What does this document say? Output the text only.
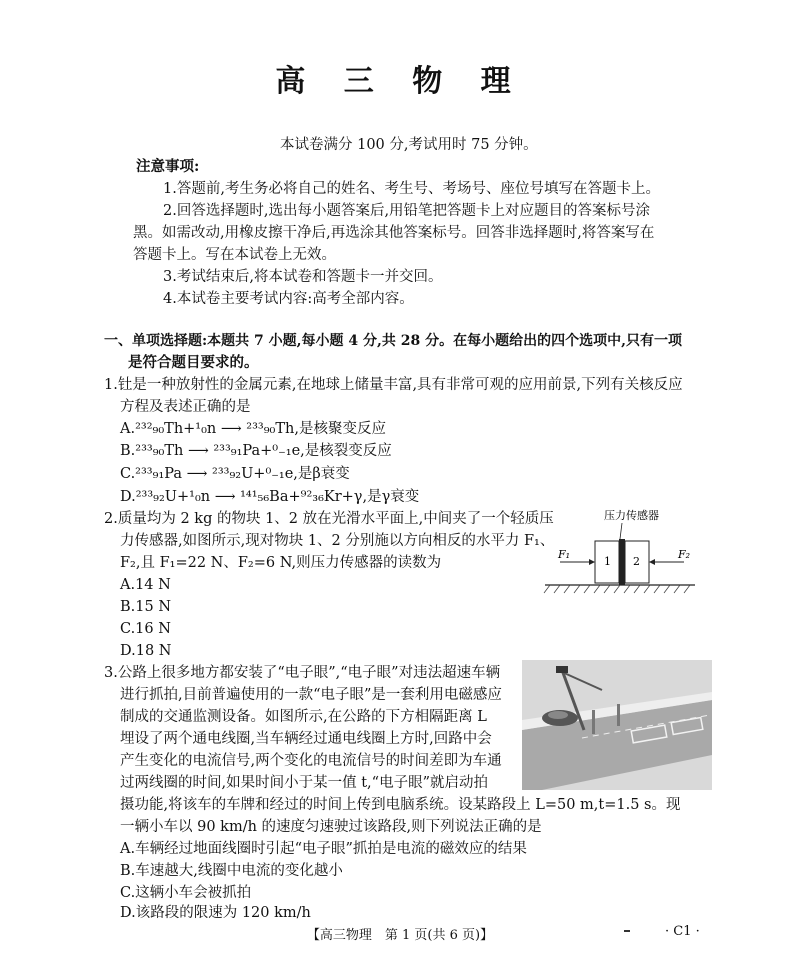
高 三 物 理
本试卷满分 100 分,考试用时 75 分钟。
注意事项:
1.答题前,考生务必将自己的姓名、考生号、考场号、座位号填写在答题卡上。
2.回答选择题时,选出每小题答案后,用铅笔把答题卡上对应题目的答案标号涂
黑。如需改动,用橡皮擦干净后,再选涂其他答案标号。回答非选择题时,将答案写在
答题卡上。写在本试卷上无效。
3.考试结束后,将本试卷和答题卡一并交回。
4.本试卷主要考试内容:高考全部内容。
一、单项选择题:本题共 7 小题,每小题 4 分,共 28 分。在每小题给出的四个选项中,只有一项
是符合题目要求的。
1.钍是一种放射性的金属元素,在地球上储量丰富,具有非常可观的应用前景,下列有关核反应
方程及表述正确的是
A.²³²₉₀Th+¹₀n ⟶ ²³³₉₀Th,是核聚变反应
B.²³³₉₀Th ⟶ ²³³₉₁Pa+⁰₋₁e,是核裂变反应
C.²³³₉₁Pa ⟶ ²³³₉₂U+⁰₋₁e,是β衰变
D.²³³₉₂U+¹₀n ⟶ ¹⁴¹₅₆Ba+⁹²₃₆Kr+γ,是γ衰变
2.质量均为 2 kg 的物块 1、2 放在光滑水平面上,中间夹了一个轻质压
力传感器,如图所示,现对物块 1、2 分别施以方向相反的水平力 F₁、
F₂,且 F₁=22 N、F₂=6 N,则压力传感器的读数为
A.14 N
B.15 N
C.16 N
D.18 N
压力传感器
1 2
F₁	F₂
3.公路上很多地方都安装了“电子眼”,“电子眼”对违法超速车辆
进行抓拍,目前普遍使用的一款“电子眼”是一套利用电磁感应
制成的交通监测设备。如图所示,在公路的下方相隔距离 L
埋设了两个通电线圈,当车辆经过通电线圈上方时,回路中会
产生变化的电流信号,两个变化的电流信号的时间差即为车通
过两线圈的时间,如果时间小于某一值 t,“电子眼”就启动拍
摄功能,将该车的车牌和经过的时间上传到电脑系统。设某路段上 L=50 m,t=1.5 s。现
一辆小车以 90 km/h 的速度匀速驶过该路段,则下列说法正确的是
A.车辆经过地面线圈时引起“电子眼”抓拍是电流的磁效应的结果
B.车速越大,线圈中电流的变化越小
C.这辆小车会被抓拍
D.该路段的限速为 120 km/h
【高三物理　第 1 页(共 6 页)】	· C1 ·
